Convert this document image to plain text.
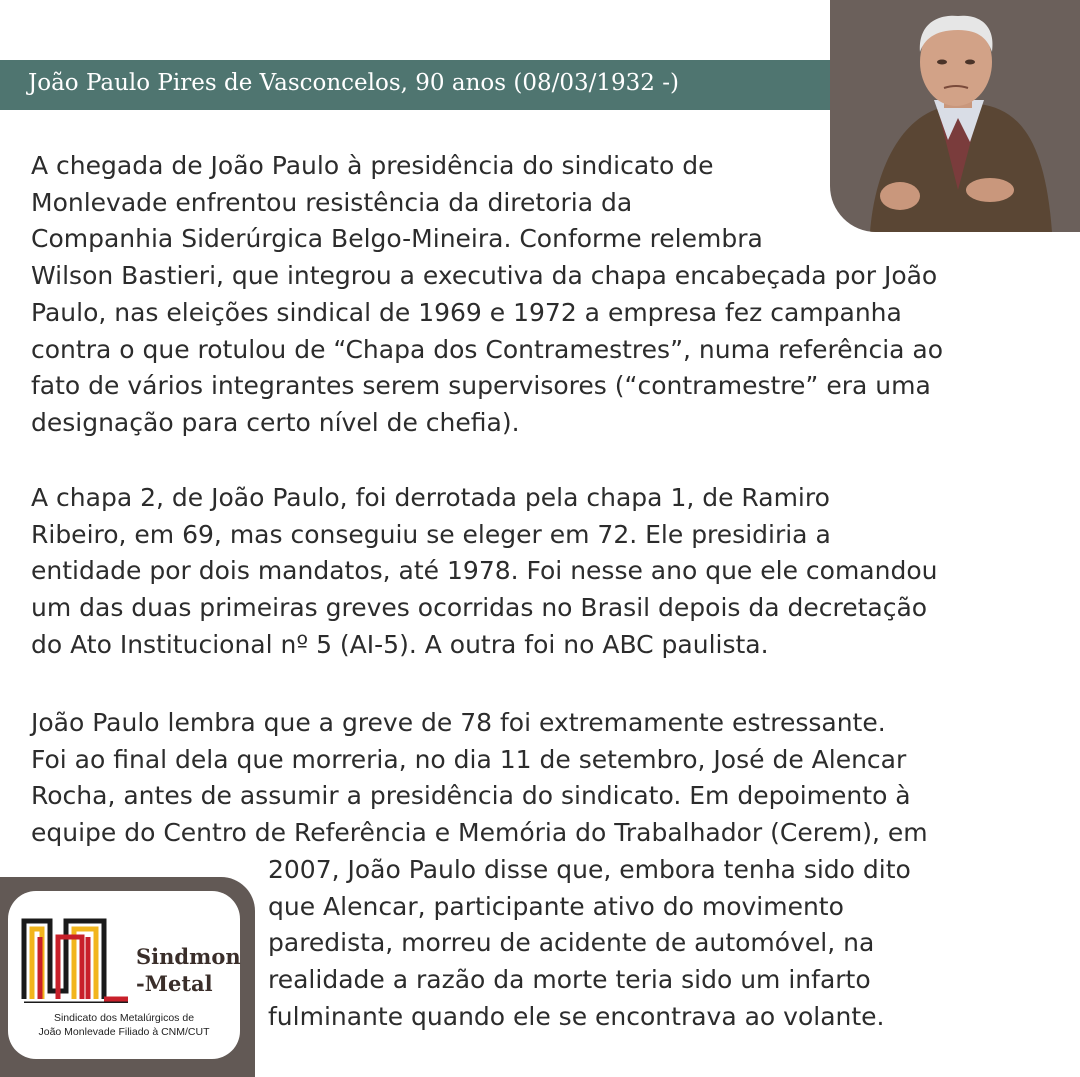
João Paulo Pires de Vasconcelos, 90 anos (08/03/1932 -)
A chegada de João Paulo à presidência do sindicato de
Monlevade enfrentou resistência da diretoria da
Companhia Siderúrgica Belgo-Mineira. Conforme relembra
Wilson Bastieri, que integrou a executiva da chapa encabeçada por João
Paulo, nas eleições sindical de 1969 e 1972 a empresa fez campanha
contra o que rotulou de “Chapa dos Contramestres”, numa referência ao
fato de vários integrantes serem supervisores (“contramestre” era uma
designação para certo nível de chefia).
A chapa 2, de João Paulo, foi derrotada pela chapa 1, de Ramiro
Ribeiro, em 69, mas conseguiu se eleger em 72. Ele presidiria a
entidade por dois mandatos, até 1978. Foi nesse ano que ele comandou
um das duas primeiras greves ocorridas no Brasil depois da decretação
do Ato Institucional nº 5 (AI-5). A outra foi no ABC paulista.
João Paulo lembra que a greve de 78 foi extremamente estressante.
Foi ao final dela que morreria, no dia 11 de setembro, José de Alencar
Rocha, antes de assumir a presidência do sindicato. Em depoimento à
equipe do Centro de Referência e Memória do Trabalhador (Cerem), em
2007, João Paulo disse que, embora tenha sido dito
que Alencar, participante ativo do movimento
paredista, morreu de acidente de automóvel, na
realidade a razão da morte teria sido um infarto
fulminante quando ele se encontrava ao volante.
Sindmon
-Metal
Sindicato dos Metalúrgicos de
João Monlevade Filiado à CNM/CUT
